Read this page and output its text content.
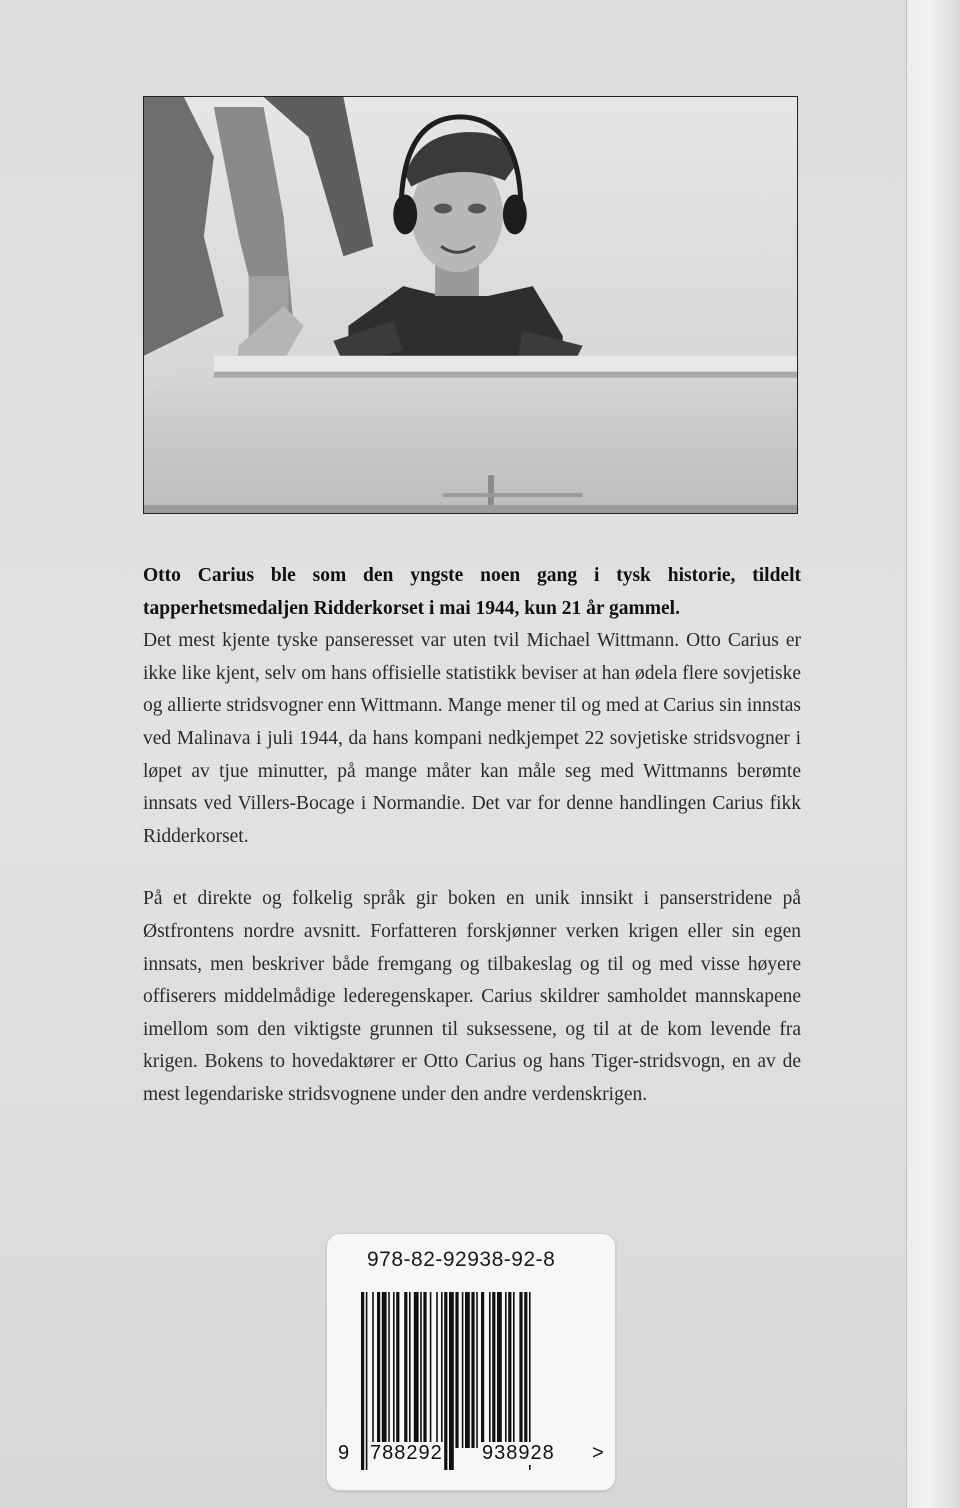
Otto Carius ble som den yngste noen gang i tysk historie, tildelt tapperhetsmedaljen Ridderkorset i mai 1944, kun 21 år gammel.

Det mest kjente tyske panseresset var uten tvil Michael Wittmann. Otto Carius er ikke like kjent, selv om hans offisielle statistikk beviser at han ødela flere sovjetiske og allierte stridsvogner enn Wittmann. Mange mener til og med at Carius sin innstas ved Malinava i juli 1944, da hans kompani nedkjempet 22 sovjetiske stridsvogner i løpet av tjue minutter, på mange måter kan måle seg med Wittmanns berømte innsats ved Villers-Bocage i Normandie. Det var for denne handlingen Carius fikk Ridderkorset.

På et direkte og folkelig språk gir boken en unik innsikt i panserstridene på Østfrontens nordre avsnitt. Forfatteren forskjønner verken krigen eller sin egen innsats, men beskriver både fremgang og tilbakeslag og til og med visse høyere offiserers middelmådige lederegenskaper. Carius skildrer samholdet mannskapene imellom som den viktigste grunnen til suksessene, og til at de kom levende fra krigen. Bokens to hovedaktører er Otto Carius og hans Tiger-stridsvogn, en av de mest legendariske stridsvognene under den andre verdenskrigen.

978-82-92938-92-8
9 788292 938928 >
